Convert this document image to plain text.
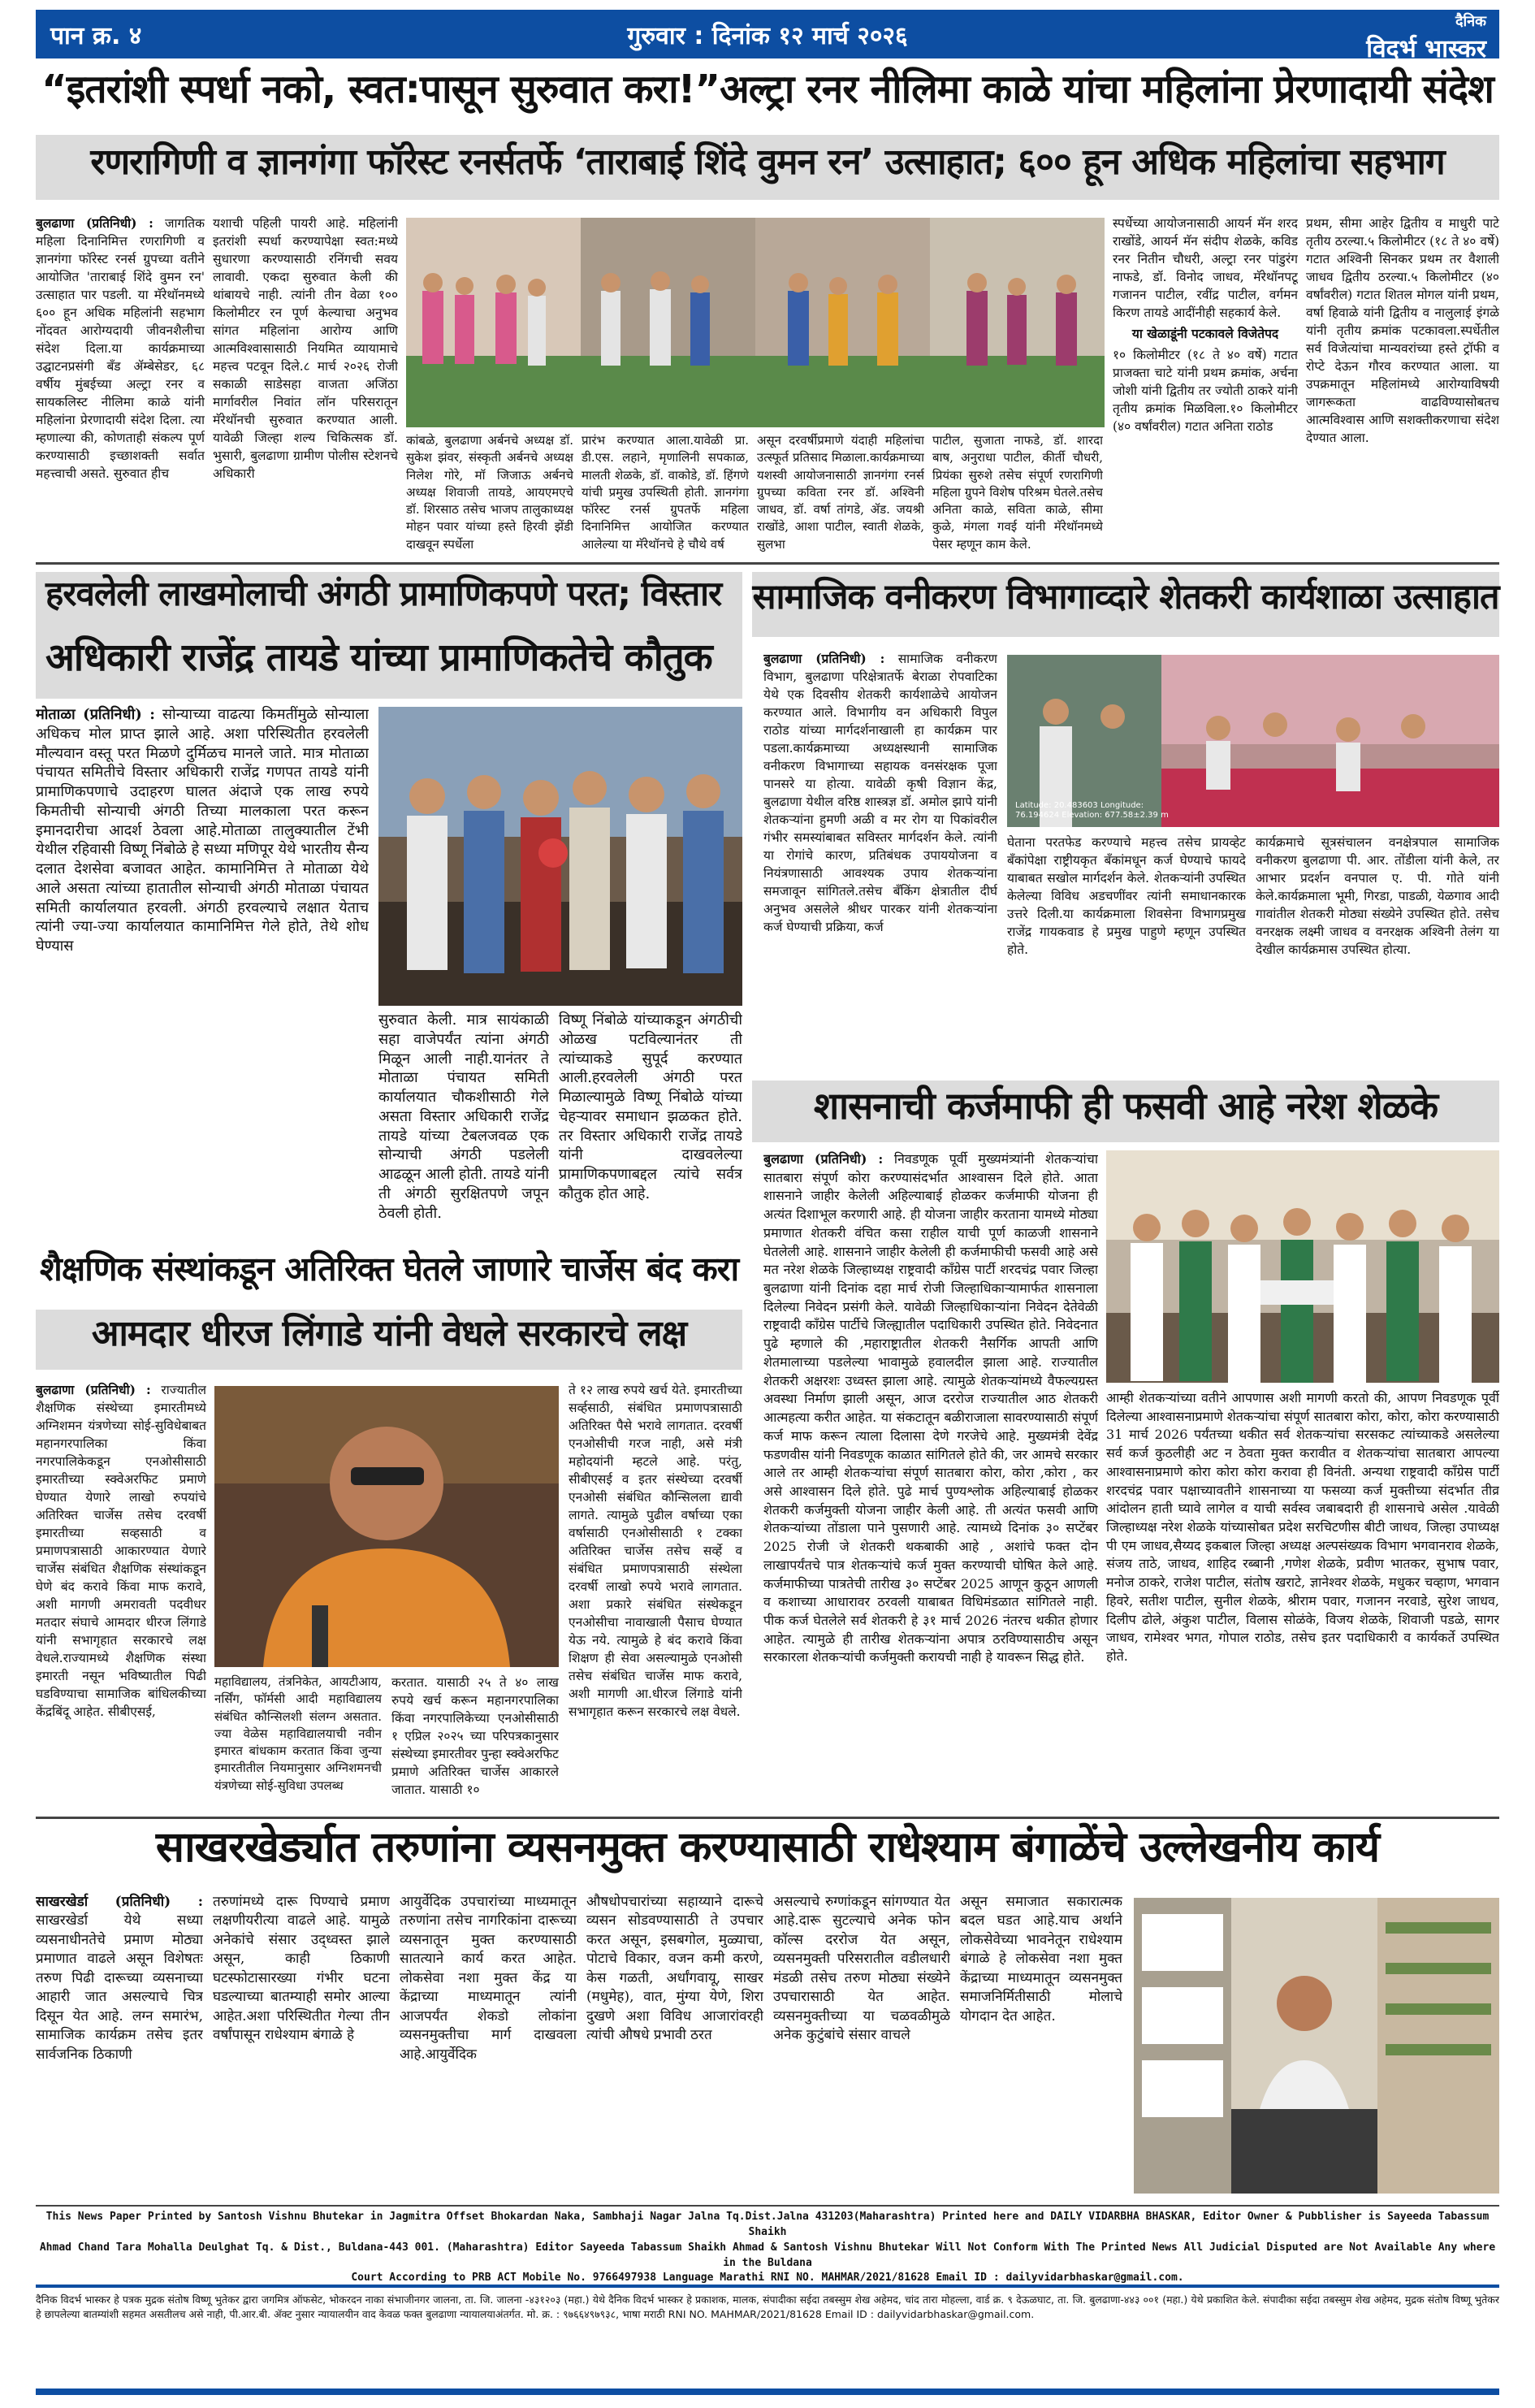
पान क्र. ४	गुरुवार : दिनांक १२ मार्च २०२६
दैनिक
विदर्भ भास्कर
“इतरांशी स्पर्धा नको, स्वत:पासून सुरुवात करा!”अल्ट्रा रनर नीलिमा काळे यांचा महिलांना प्रेरणादायी संदेश
रणरागिणी व ज्ञानगंगा फॉरेस्ट रनर्सतर्फे ‘ताराबाई शिंदे वुमन रन’ उत्साहात; ६०० हून अधिक महिलांचा सहभाग
बुलढाणा (प्रतिनिधी) : जागतिक महिला दिनानिमित्त रणरागिणी व ज्ञानगंगा फॉरेस्ट रनर्स ग्रुपच्या वतीने आयोजित 'ताराबाई शिंदे वुमन रन' उत्साहात पार पडली. या मॅरेथॉनमध्ये ६०० हून अधिक महिलांनी सहभाग नोंदवत आरोग्यदायी जीवनशैलीचा संदेश दिला.या कार्यक्रमाच्या उद्घाटनप्रसंगी बँड ॲम्बेसेडर, ६८ वर्षीय मुंबईच्या अल्ट्रा रनर व सायकलिस्ट नीलिमा काळे यांनी महिलांना प्रेरणादायी संदेश दिला. त्या म्हणाल्या की, कोणताही संकल्प पूर्ण करण्यासाठी इच्छाशक्ती सर्वात महत्त्वाची असते. सुरुवात हीच
यशाची पहिली पायरी आहे. महिलांनी इतरांशी स्पर्धा करण्यापेक्षा स्वत:मध्ये सुधारणा करण्यासाठी रनिंगची सवय लावावी. एकदा सुरुवात केली की थांबायचे नाही. त्यांनी तीन वेळा १०० किलोमीटर रन पूर्ण केल्याचा अनुभव सांगत महिलांना आरोग्य आणि आत्मविश्वासासाठी नियमित व्यायामाचे महत्त्व पटवून दिले.८ मार्च २०२६ रोजी सकाळी साडेसहा वाजता अजिंठा मार्गावरील निवांत लॉन परिसरातून मॅरेथॉनची सुरुवात करण्यात आली. यावेळी जिल्हा शल्य चिकित्सक डॉ. भुसारी, बुलढाणा ग्रामीण पोलीस स्टेशनचे अधिकारी
कांबळे, बुलढाणा अर्बनचे अध्यक्ष डॉ. सुकेश झंवर, संस्कृती अर्बनचे अध्यक्ष निलेश गोरे, मॉ जिजाऊ अर्बनचे अध्यक्ष शिवाजी तायडे, आयएमएचे डॉ. शिरसाठ तसेच भाजप तालुकाध्यक्ष मोहन पवार यांच्या हस्ते हिरवी झेंडी दाखवून स्पर्धेला
प्रारंभ करण्यात आला.यावेळी प्रा. डी.एस. लहाने, मृणालिनी सपकाळ, मालती शेळके, डॉ. वाकोडे, डॉ. हिंगणे यांची प्रमुख उपस्थिती होती. ज्ञानगंगा फॉरेस्ट रनर्स ग्रुपतर्फे महिला दिनानिमित्त आयोजित करण्यात आलेल्या या मॅरेथॉनचे हे चौथे वर्ष
असून दरवर्षीप्रमाणे यंदाही महिलांचा उत्स्फूर्त प्रतिसाद मिळाला.कार्यक्रमाच्या यशस्वी आयोजनासाठी ज्ञानगंगा रनर्स ग्रुपच्या कविता रनर डॉ. अश्विनी जाधव, डॉ. वर्षा तांगडे, ॲड. जयश्री राखोंडे, आशा पाटील, स्वाती शेळके, सुलभा
पाटील, सुजाता नाफडे, डॉ. शारदा बाष, अनुराधा पाटील, कीर्ती चौधरी, प्रियंका सुरुशे तसेच संपूर्ण रणरागिणी महिला ग्रुपने विशेष परिश्रम घेतले.तसेच अनिता काळे, सविता काळे, सीमा कुळे, मंगला गवई यांनी मॅरेथॉनमध्ये पेसर म्हणून काम केले.
स्पर्धेच्या आयोजनासाठी आयर्न मॅन शरद राखोंडे, आयर्न मॅन संदीप शेळके, कविड रनर नितीन चौधरी, अल्ट्रा रनर पांडुरंग नाफडे, डॉ. विनोद जाधव, मॅरेथॉनपटू गजानन पाटील, रवींद्र पाटील, वर्गमन किरण तायडे आदींनीही सहकार्य केले.
या खेळाडूंनी पटकावले विजेतेपद
१० किलोमीटर (१८ ते ४० वर्षे) गटात प्राजक्ता चाटे यांनी प्रथम क्रमांक, अर्चना जोशी यांनी द्वितीय तर ज्योती ठाकरे यांनी तृतीय क्रमांक मिळविला.१० किलोमीटर (४० वर्षांवरील) गटात अनिता राठोड
प्रथम, सीमा आहेर द्वितीय व माधुरी पाटे तृतीय ठरल्या.५ किलोमीटर (१८ ते ४० वर्षे) गटात अश्विनी सिनकर प्रथम तर वैशाली जाधव द्वितीय ठरल्या.५ किलोमीटर (४० वर्षांवरील) गटात शितल मोगल यांनी प्रथम, वर्षा हिवाळे यांनी द्वितीय व नालुलाई इंगळे यांनी तृतीय क्रमांक पटकावला.स्पर्धेतील सर्व विजेत्यांचा मान्यवरांच्या हस्ते ट्रॉफी व रोप्टे देऊन गौरव करण्यात आला. या उपक्रमातून महिलांमध्ये आरोग्याविषयी जागरूकता वाढविण्यासोबतच आत्मविश्वास आणि सशक्तीकरणाचा संदेश देण्यात आला.
हरवलेली लाखमोलाची अंगठी प्रामाणिकपणे परत; विस्तार
अधिकारी राजेंद्र तायडे यांच्या प्रामाणिकतेचे कौतुक
मोताळा (प्रतिनिधी) : सोन्याच्या वाढत्या किमतींमुळे सोन्याला अधिकच मोल प्राप्त झाले आहे. अशा परिस्थितीत हरवलेली मौल्यवान वस्तू परत मिळणे दुर्मिळच मानले जाते. मात्र मोताळा पंचायत समितीचे विस्तार अधिकारी राजेंद्र गणपत तायडे यांनी प्रामाणिकपणाचे उदाहरण घालत अंदाजे एक लाख रुपये किमतीची सोन्याची अंगठी तिच्या मालकाला परत करून इमानदारीचा आदर्श ठेवला आहे.मोताळा तालुक्यातील टेंभी येथील रहिवासी विष्णू निंबोळे हे सध्या मणिपूर येथे भारतीय सैन्य दलात देशसेवा बजावत आहेत. कामानिमित्त ते मोताळा येथे आले असता त्यांच्या हातातील सोन्याची अंगठी मोताळा पंचायत समिती कार्यालयात हरवली. अंगठी हरवल्याचे लक्षात येताच त्यांनी ज्या-ज्या कार्यालयात कामानिमित्त गेले होते, तेथे शोध घेण्यास
सुरुवात केली. मात्र सायंकाळी सहा वाजेपर्यंत त्यांना अंगठी मिळून आली नाही.यानंतर ते मोताळा पंचायत समिती कार्यालयात चौकशीसाठी गेले असता विस्तार अधिकारी राजेंद्र तायडे यांच्या टेबलजवळ एक सोन्याची अंगठी पडलेली आढळून आली होती. तायडे यांनी ती अंगठी सुरक्षितपणे जपून ठेवली होती.
विष्णू निंबोळे यांच्याकडून अंगठीची ओळख पटविल्यानंतर ती त्यांच्याकडे सुपूर्द करण्यात आली.हरवलेली अंगठी परत मिळाल्यामुळे विष्णू निंबोळे यांच्या चेहऱ्यावर समाधान झळकत होते. तर विस्तार अधिकारी राजेंद्र तायडे यांनी दाखवलेल्या प्रामाणिकपणाबद्दल त्यांचे सर्वत्र कौतुक होत आहे.
सामाजिक वनीकरण विभागाव्दारे शेतकरी कार्यशाळा उत्साहात
बुलढाणा (प्रतिनिधी) : सामाजिक वनीकरण विभाग, बुलढाणा परिक्षेत्रातर्फे बेराळा रोपवाटिका येथे एक दिवसीय शेतकरी कार्यशाळेचे आयोजन करण्यात आले. विभागीय वन अधिकारी विपुल राठोड यांच्या मार्गदर्शनाखाली हा कार्यक्रम पार पडला.कार्यक्रमाच्या अध्यक्षस्थानी सामाजिक वनीकरण विभागाच्या सहायक वनसंरक्षक पूजा पानसरे या होत्या. यावेळी कृषी विज्ञान केंद्र, बुलढाणा येथील वरिष्ठ शास्त्रज्ञ डॉ. अमोल झापे यांनी शेतकऱ्यांना हुमणी अळी व मर रोग या पिकांवरील गंभीर समस्यांबाबत सविस्तर मार्गदर्शन केले. त्यांनी या रोगांचे कारण, प्रतिबंधक उपाययोजना व नियंत्रणासाठी आवश्यक उपाय शेतकऱ्यांना समजावून सांगितले.तसेच बँकिंग क्षेत्रातील दीर्घ अनुभव असलेले श्रीधर पारकर यांनी शेतकऱ्यांना कर्ज घेण्याची प्रक्रिया, कर्ज
Latitude: 20.483603 Longitude: 76.194624 Elevation: 677.58±2.39 m
घेताना परतफेड करण्याचे महत्त्व तसेच प्रायव्हेट बँकांपेक्षा राष्ट्रीयकृत बँकांमधून कर्ज घेण्याचे फायदे याबाबत सखोल मार्गदर्शन केले. शेतकऱ्यांनी उपस्थित केलेल्या विविध अडचणींवर त्यांनी समाधानकारक उत्तरे दिली.या कार्यक्रमाला शिवसेना विभागप्रमुख राजेंद्र गायकवाड हे प्रमुख पाहुणे म्हणून उपस्थित होते.
कार्यक्रमाचे सूत्रसंचालन वनक्षेत्रपाल सामाजिक वनीकरण बुलढाणा पी. आर. तोंडीला यांनी केले, तर आभार प्रदर्शन वनपाल ए. पी. गोते यांनी केले.कार्यक्रमाला भूमी, गिरडा, पाडळी, येळगाव आदी गावांतील शेतकरी मोठ्या संख्येने उपस्थित होते. तसेच वनरक्षक लक्ष्मी जाधव व वनरक्षक अश्विनी तेलंग या देखील कार्यक्रमास उपस्थित होत्या.
शासनाची कर्जमाफी ही फसवी आहे नरेश शेळके
बुलढाणा (प्रतिनिधी) : निवडणूक पूर्वी मुख्यमंत्र्यांनी शेतकऱ्यांचा सातबारा संपूर्ण कोरा करण्यासंदर्भात आश्वासन दिले होते. आता शासनाने जाहीर केलेली अहिल्याबाई होळकर कर्जमाफी योजना ही अत्यंत दिशाभूल करणारी आहे. ही योजना जाहीर करताना यामध्ये मोठ्या प्रमाणात शेतकरी वंचित कसा राहील याची पूर्ण काळजी शासनाने घेतलेली आहे. शासनाने जाहीर केलेली ही कर्जमाफीची फसवी आहे असे मत नरेश शेळके जिल्हाध्यक्ष राष्ट्रवादी काँग्रेस पार्टी शरदचंद्र पवार जिल्हा बुलढाणा यांनी दिनांक दहा मार्च रोजी जिल्हाधिकाऱ्यामार्फत शासनाला दिलेल्या निवेदन प्रसंगी केले. यावेळी जिल्हाधिकाऱ्यांना निवेदन देतेवेळी राष्ट्रवादी काँग्रेस पार्टीचे जिल्ह्यातील पदाधिकारी उपस्थित होते. निवेदनात पुढे म्हणाले की ,महाराष्ट्रातील शेतकरी नैसर्गिक आपती आणि शेतमालाच्या पडलेल्या भावामुळे हवालदील झाला आहे. राज्यातील शेतकरी अक्षरशः उध्वस्त झाला आहे. त्यामुळे शेतकऱ्यांमध्ये वैफल्यग्रस्त अवस्था निर्माण झाली असून, आज दररोज राज्यातील आठ शेतकरी आत्महत्या करीत आहेत. या संकटातून बळीराजाला सावरण्यासाठी संपूर्ण कर्ज माफ करून त्याला दिलासा देणे गरजेचे आहे. मुख्यमंत्री देवेंद्र फडणवीस यांनी निवडणूक काळात सांगितले होते की, जर आमचे सरकार आले तर आम्ही शेतकऱ्यांचा संपूर्ण सातबारा कोरा, कोरा ,कोरा , कर असे आश्वासन दिले होते. पुढे मार्च पुण्यश्लोक अहिल्याबाई होळकर शेतकरी कर्जमुक्ती योजना जाहीर केली आहे. ती अत्यंत फसवी आणि शेतकऱ्यांच्या तोंडाला पाने पुसणारी आहे. त्यामध्ये दिनांक ३० सप्टेंबर 2025 रोजी जे शेतकरी थकबाकी आहे , अशांचे फक्त दोन लाखापर्यंतचे पात्र शेतकऱ्यांचे कर्ज मुक्त करण्याची घोषित केले आहे. कर्जमाफीच्या पात्रतेची तारीख ३० सप्टेंबर 2025 आणून कुठून आणली व कशाच्या आधारावर ठरवली याबाबत विधिमंडळात सांगितले नाही. पीक कर्ज घेतलेले सर्व शेतकरी हे ३१ मार्च 2026 नंतरच थकीत होणार आहेत. त्यामुळे ही तारीख शेतकऱ्यांना अपात्र ठरविण्यासाठीच असून सरकारला शेतकऱ्यांची कर्जमुक्ती करायची नाही हे यावरून सिद्ध होते.
आम्ही शेतकऱ्यांच्या वतीने आपणास अशी मागणी करतो की, आपण निवडणूक पूर्वी दिलेल्या आश्वासनाप्रमाणे शेतकऱ्यांचा संपूर्ण सातबारा कोरा, कोरा, कोरा करण्यासाठी 31 मार्च 2026 पर्यंतच्या थकीत सर्व शेतकऱ्यांचा सरसकट त्यांच्याकडे असलेल्या सर्व कर्ज कुठलीही अट न ठेवता मुक्त करावीत व शेतकऱ्यांचा सातबारा आपल्या आश्वासनाप्रमाणे कोरा कोरा कोरा करावा ही विनंती. अन्यथा राष्ट्रवादी काँग्रेस पार्टी शरदचंद्र पवार पक्षाच्यावतीने शासनाच्या या फसव्या कर्ज मुक्तीच्या संदर्भात तीव्र आंदोलन हाती घ्यावे लागेल व याची सर्वस्व जबाबदारी ही शासनाचे असेल .यावेळी जिल्हाध्यक्ष नरेश शेळके यांच्यासोबत प्रदेश सरचिटणीस बीटी जाधव, जिल्हा उपाध्यक्ष पी एम जाधव,सैय्यद इकबाल जिल्हा अध्यक्ष अल्पसंख्यक विभाग भगवानराव शेळके, संजय ताठे, जाधव, शाहिद रब्बानी ,गणेश शेळके, प्रवीण भातकर, सुभाष पवार, मनोज ठाकरे, राजेश पाटील, संतोष खराटे, ज्ञानेश्वर शेळके, मधुकर चव्हाण, भगवान हिवरे, सतीश पाटील, सुनील शेळके, श्रीराम पवार, गजानन नरवाडे, सुरेश जाधव, दिलीप ढोले, अंकुश पाटील, विलास सोळंके, विजय शेळके, शिवाजी पडळे, सागर जाधव, रामेश्वर भगत, गोपाल राठोड, तसेच इतर पदाधिकारी व कार्यकर्ते उपस्थित होते.
शैक्षणिक संस्थांकडून अतिरिक्त घेतले जाणारे चार्जेस बंद करा
आमदार धीरज लिंगाडे यांनी वेधले सरकारचे लक्ष
बुलढाणा (प्रतिनिधी) : राज्यातील शैक्षणिक संस्थेच्या इमारतीमध्ये अग्निशमन यंत्रणेच्या सोई-सुविधेबाबत महानगरपालिका किंवा नगरपालिकेकडून एनओसीसाठी इमारतीच्या स्क्वेअरफिट प्रमाणे घेण्यात येणारे लाखो रुपयांचे अतिरिक्त चार्जेस तसेच दरवर्षी इमारतीच्या सव्हसाठी व प्रमाणपत्रासाठी आकारण्यात येणारे चार्जेस संबंधित शैक्षणिक संस्थांकडून घेणे बंद करावे किंवा माफ करावे, अशी मागणी अमरावती पदवीधर मतदार संघाचे आमदार धीरज लिंगाडे यांनी सभागृहात सरकारचे लक्ष वेधले.राज्यामध्ये शैक्षणिक संस्था इमारती नसून भविष्यातील पिढी घडविण्याचा सामाजिक बांधिलकीच्या केंद्रबिंदू आहेत. सीबीएसई,
ते १२ लाख रुपये खर्च येते. इमारतीच्या सर्व्हसाठी, संबंधित प्रमाणपत्रासाठी अतिरिक्त पैसे भरावे लागतात. दरवर्षी एनओसीची गरज नाही, असे मंत्री महोदयांनी म्हटले आहे. परंतु, सीबीएसई व इतर संस्थेच्या दरवर्षी एनओसी संबंधित कौन्सिलला द्यावी लागते. त्यामुळे पुढील वर्षाच्या एका वर्षासाठी एनओसीसाठी १ टक्का अतिरिक्त चार्जेस तसेच सर्व्हे व संबंधित प्रमाणपत्रासाठी संस्थेला दरवर्षी लाखो रुपये भरावे लागतात. अशा प्रकारे संबंधित संस्थेकडून एनओसीचा नावाखाली पैसाच घेण्यात येऊ नये. त्यामुळे हे बंद करावे किंवा शिक्षण ही सेवा असल्यामुळे एनओसी तसेच संबंधित चार्जेस माफ करावे, अशी मागणी आ.धीरज लिंगाडे यांनी सभागृहात करून सरकारचे लक्ष वेधले.
महाविद्यालय, तंत्रनिकेत, आयटीआय, नर्सिंग, फॉर्मसी आदी महाविद्यालय संबंधित कौन्सिलशी संलग्न असतात. ज्या वेळेस महाविद्यालयाची नवीन इमारत बांधकाम करतात किंवा जुन्या इमारतीतील नियमानुसार अग्निशमनची यंत्रणेच्या सोई-सुविधा उपलब्ध
करतात. यासाठी २५ ते ४० लाख रुपये खर्च करून महानगरपालिका किंवा नगरपालिकेच्या एनओसीसाठी १ एप्रिल २०२५ च्या परिपत्रकानुसार संस्थेच्या इमारतीवर पुन्हा स्क्वेअरफिट प्रमाणे अतिरिक्त चार्जेस आकारले जातात. यासाठी १०
साखरखेर्ड्यात तरुणांना व्यसनमुक्त करण्यासाठी राधेश्याम बंगाळेंचे उल्लेखनीय कार्य
साखरखेर्डा (प्रतिनिधी) : साखरखेर्डा येथे सध्या व्यसनाधीनतेचे प्रमाण मोठ्या प्रमाणात वाढले असून विशेषतः तरुण पिढी दारूच्या व्यसनाच्या आहारी जात असल्याचे चित्र दिसून येत आहे. लग्न समारंभ, सामाजिक कार्यक्रम तसेच इतर सार्वजनिक ठिकाणी
तरुणांमध्ये दारू पिण्याचे प्रमाण लक्षणीयरीत्या वाढले आहे. यामुळे अनेकांचे संसार उद्ध्वस्त झाले असून, काही ठिकाणी घटस्फोटासारख्या गंभीर घटना घडल्याच्या बातम्याही समोर आल्या आहेत.अशा परिस्थितीत गेल्या तीन वर्षांपासून राधेश्याम बंगाळे हे
आयुर्वेदिक उपचारांच्या माध्यमातून तरुणांना तसेच नागरिकांना दारूच्या व्यसनातून मुक्त करण्यासाठी सातत्याने कार्य करत आहेत. लोकसेवा नशा मुक्त केंद्र या केंद्राच्या माध्यमातून त्यांनी आजपर्यंत शेकडो लोकांना व्यसनमुक्तीचा मार्ग दाखवला आहे.आयुर्वेदिक
औषधोपचारांच्या सहाय्याने दारूचे व्यसन सोडवण्यासाठी ते उपचार करत असून, इसबगोल, मुळ्याचा, पोटाचे विकार, वजन कमी करणे, केस गळती, अर्धांगवायू, साखर (मधुमेह), वात, मुंग्या येणे, शिरा दुखणे अशा विविध आजारांवरही त्यांची औषधे प्रभावी ठरत
असल्याचे रुग्णांकडून सांगण्यात येत आहे.दारू सुटल्याचे अनेक फोन कॉल्स दररोज येत असून, व्यसनमुक्ती परिसरातील वडीलधारी मंडळी तसेच तरुण मोठ्या संख्येने उपचारासाठी येत आहेत. व्यसनमुक्तीच्या या चळवळीमुळे अनेक कुटुंबांचे संसार वाचले
असून समाजात सकारात्मक बदल घडत आहे.याच अर्थाने लोकसेवेच्या भावनेतून राधेश्याम बंगाळे हे लोकसेवा नशा मुक्त केंद्राच्या माध्यमातून व्यसनमुक्त समाजनिर्मितीसाठी मोलाचे योगदान देत आहेत.
This News Paper Printed by Santosh Vishnu Bhutekar in Jagmitra Offset Bhokardan Naka, Sambhaji Nagar Jalna Tq.Dist.Jalna 431203(Maharashtra) Printed here and DAILY VIDARBHA BHASKAR, Editor Owner & Pubblisher is Sayeeda Tabassum Shaikh
Ahmad Chand Tara Mohalla Deulghat Tq. & Dist., Buldana-443 001. (Maharashtra) Editor Sayeeda Tabassum Shaikh Ahmad & Santosh Vishnu Bhutekar Will Not Conform With The Printed News All Judicial Disputed are Not Available Any where in the Buldana
Court According to PRB ACT Mobile No. 9766497938 Language Marathi RNI NO. MAHMAR/2021/81628 Email ID : dailyvidarbhaskar@gmail.com.
दैनिक विदर्भ भास्कर हे पत्रक मुद्रक संतोष विष्णू भुतेकर द्वारा जगमित्र ऑफसेट, भोकरदन नाका संभाजीनगर जालना, ता. जि. जालना -४३१२०३ (महा.) येथे दैनिक विदर्भ भास्कर हे प्रकाशक, मालक, संपादीका सईदा तबस्सुम शेख अहेमद, चांद तारा मोहल्ला, वार्ड क्र. ९ देऊळघाट, ता. जि. बुलढाणा-४४३ ००१ (महा.) येथे प्रकाशित केले. संपादीका सईदा तबस्सुम शेख अहेमद, मुद्रक संतोष विष्णू भुतेकर हे छापलेल्या बातम्यांशी सहमत असतीलच असे नाही, पी.आर.बी. ॲक्ट नुसार न्यायालयीन वाद केवळ फक्त बुलढाणा न्यायालयाअंतर्गत. मो. क्र. : ९७६६४९७९३८, भाषा मराठी RNI NO. MAHMAR/2021/81628 Email ID : dailyvidarbhaskar@gmail.com.
